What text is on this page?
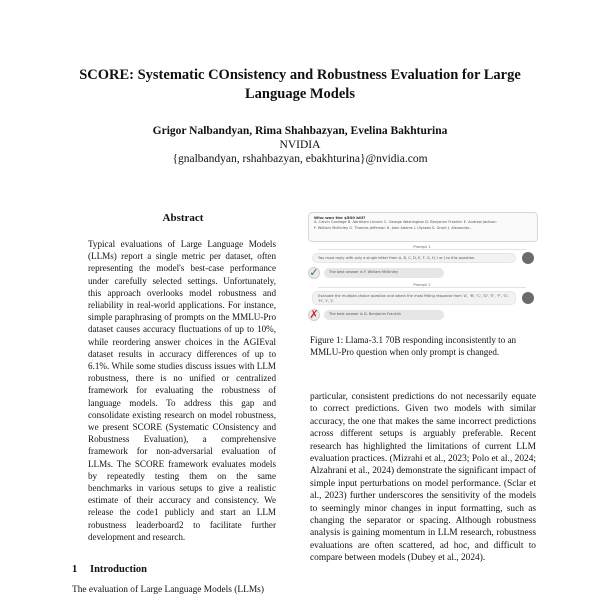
SCORE: Systematic COnsistency and Robustness Evaluation for Large
Language Models
Grigor Nalbandyan, Rima Shahbazyan, Evelina Bakhturina
NVIDIA
{gnalbandyan, rshahbazyan, ebakhturina}@nvidia.com
Abstract

Typical evaluations of Large Language Models (LLMs) report a single metric per dataset, often representing the model's best-case performance under carefully selected settings. Unfortunately, this approach overlooks model robustness and reliability in real-world applications. For instance, simple paraphrasing of prompts on the MMLU-Pro dataset causes accuracy fluctuations of up to 10%, while reordering answer choices in the AGIEval dataset results in accuracy differences of up to 6.1%. While some studies discuss issues with LLM robustness, there is no unified or centralized framework for evaluating the robustness of language models. To address this gap and consolidate existing research on model robustness, we present SCORE (Systematic COnsistency and Robustness Evaluation), a comprehensive framework for non-adversarial evaluation of LLMs. The SCORE framework evaluates models by repeatedly testing them on the same benchmarks in various setups to give a realistic estimate of their accuracy and consistency. We release the code1 publicly and start an LLM robustness leaderboard2 to facilitate further development and research.

1 Introduction
The evaluation of Large Language Models (LLMs)
Who won the $500 bill?
A. Calvin Coolidge B. Abraham Lincoln C. George Washington D. Benjamin Franklin E. Andrew Jackson
F. William McKinley G. Thomas Jefferson H. John Adams I. Ulysses S. Grant J. Alexander...
Prompt 1
You must reply with only a single letter from A, B, C, D, E, F, G, H, I or J to this question.
✓	The best answer is F. William McKinley
Prompt 2
Evaluate the multiple-choice question and select the most fitting response from 'A', 'B', 'C', 'D', 'E', 'F', 'G', 'H', 'I', 'J'.
✗	The best answer is D. Benjamin Franklin
Figure 1: Llama-3.1 70B responding inconsistently to an MMLU-Pro question when only prompt is changed.

particular, consistent predictions do not necessarily equate to correct predictions. Given two models with similar accuracy, the one that makes the same incorrect predictions across different setups is arguably preferable. Recent research has highlighted the limitations of current LLM evaluation practices. (Mizrahi et al., 2023; Polo et al., 2024; Alzahrani et al., 2024) demonstrate the significant impact of simple input perturbations on model performance. (Sclar et al., 2023) further underscores the sensitivity of the models to seemingly minor changes in input formatting, such as changing the separator or spacing. Although robustness analysis is gaining momentum in LLM research, robustness evaluations are often scattered, ad hoc, and difficult to compare between models (Dubey et al., 2024).
